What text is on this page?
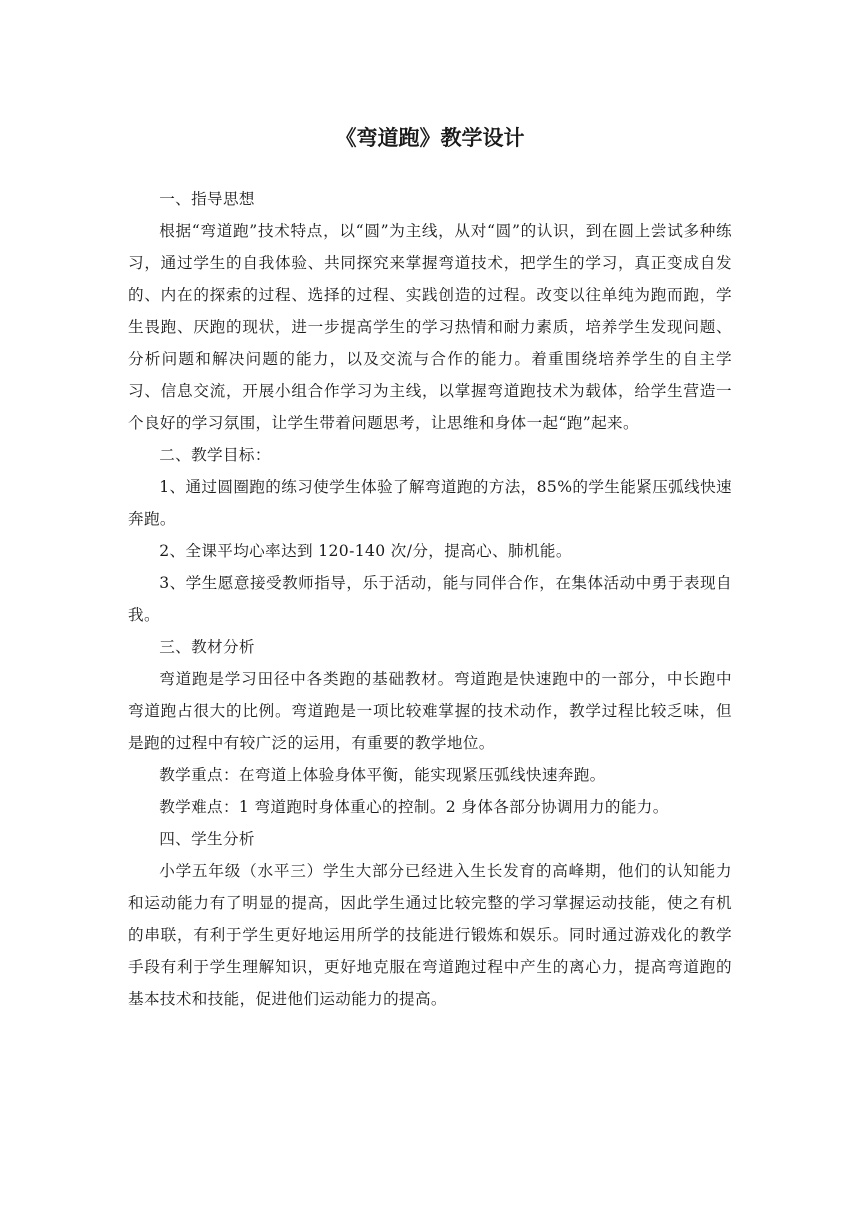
《弯道跑》教学设计

一、指导思想

根据“弯道跑”技术特点，以“圆”为主线，从对“圆”的认识，到在圆上尝试多种练习，通过学生的自我体验、共同探究来掌握弯道技术，把学生的学习，真正变成自发的、内在的探索的过程、选择的过程、实践创造的过程。改变以往单纯为跑而跑，学生畏跑、厌跑的现状，进一步提高学生的学习热情和耐力素质，培养学生发现问题、分析问题和解决问题的能力，以及交流与合作的能力。着重围绕培养学生的自主学习、信息交流，开展小组合作学习为主线，以掌握弯道跑技术为载体，给学生营造一个良好的学习氛围，让学生带着问题思考，让思维和身体一起“跑”起来。

二、教学目标：

1、通过圆圈跑的练习使学生体验了解弯道跑的方法，85%的学生能紧压弧线快速奔跑。

2、全课平均心率达到 120-140 次/分，提高心、肺机能。

3、学生愿意接受教师指导，乐于活动，能与同伴合作，在集体活动中勇于表现自我。

三、教材分析

弯道跑是学习田径中各类跑的基础教材。弯道跑是快速跑中的一部分，中长跑中弯道跑占很大的比例。弯道跑是一项比较难掌握的技术动作，教学过程比较乏味，但是跑的过程中有较广泛的运用，有重要的教学地位。

教学重点：在弯道上体验身体平衡，能实现紧压弧线快速奔跑。

教学难点：1 弯道跑时身体重心的控制。2 身体各部分协调用力的能力。

四、学生分析

小学五年级（水平三）学生大部分已经进入生长发育的高峰期，他们的认知能力和运动能力有了明显的提高，因此学生通过比较完整的学习掌握运动技能，使之有机的串联，有利于学生更好地运用所学的技能进行锻炼和娱乐。同时通过游戏化的教学手段有利于学生理解知识，更好地克服在弯道跑过程中产生的离心力，提高弯道跑的基本技术和技能，促进他们运动能力的提高。
